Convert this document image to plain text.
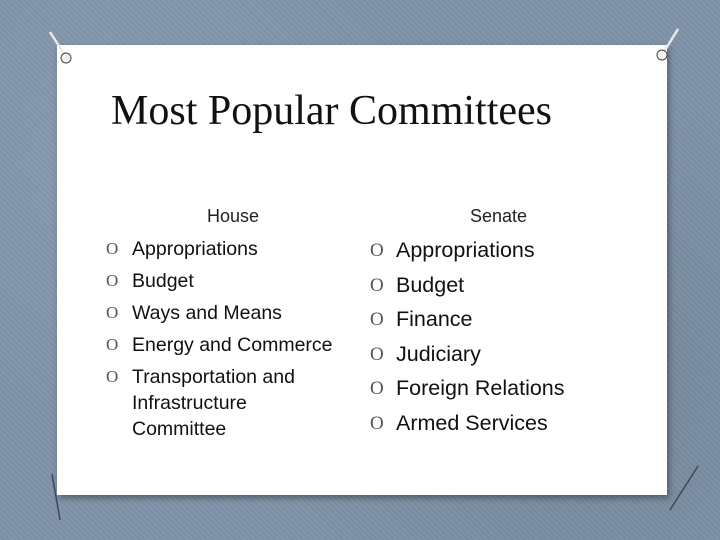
Most Popular Committees
House	Senate
O Appropriations
O Budget
O Ways and Means
O Energy and Commerce
O Transportation and Infrastructure Committee
O Appropriations
O Budget
O Finance
O Judiciary
O Foreign Relations
O Armed Services
